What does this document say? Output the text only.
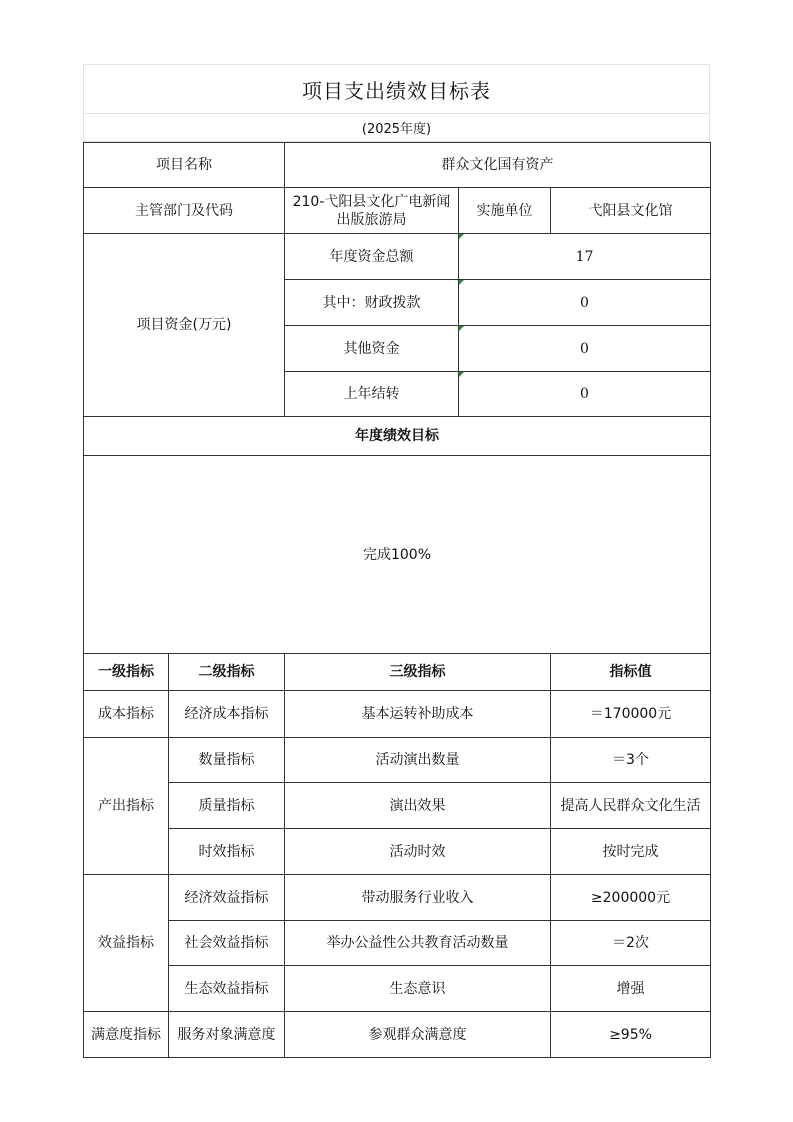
项目支出绩效目标表
(2025年度)
项目名称		群众文化国有资产		
主管部门及代码		210-弋阳县文化广电新闻出版旅游局	实施单位	弋阳县文化馆
项目资金(万元)		年度资金总额	17	
		其中：财政拨款	0	
		其他资金	0	
		上年结转	0	
年度绩效目标				
完成100%				
一级指标	二级指标	三级指标		指标值
成本指标	经济成本指标	基本运转补助成本		＝170000元
产出指标	数量指标	活动演出数量		＝3个
	质量指标	演出效果		提高人民群众文化生活
	时效指标	活动时效		按时完成
效益指标	经济效益指标	带动服务行业收入		≥200000元
	社会效益指标	举办公益性公共教育活动数量		＝2次
	生态效益指标	生态意识		增强
满意度指标	服务对象满意度	参观群众满意度		≥95%
